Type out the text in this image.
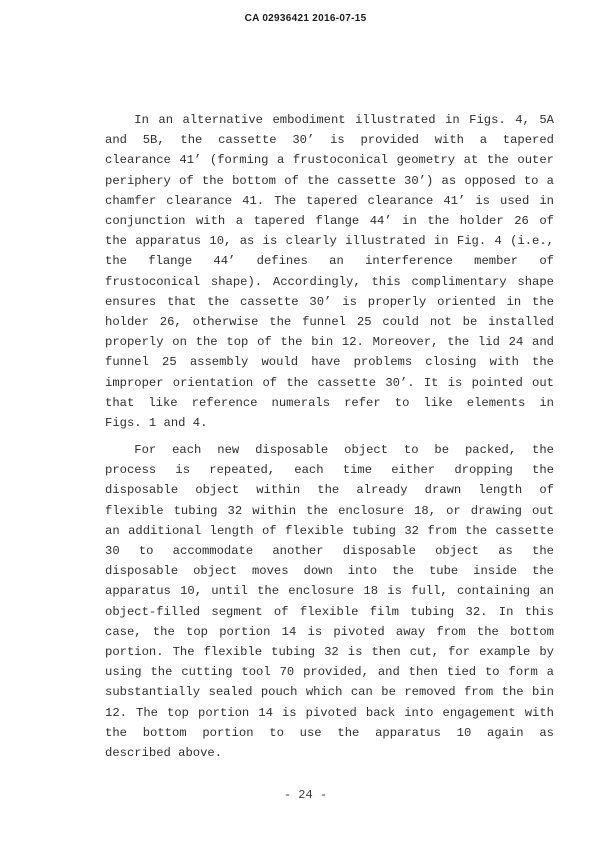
CA 02936421 2016-07-15
In an alternative embodiment illustrated in Figs. 4, 5A
and 5B, the cassette 30’ is provided with a tapered
clearance 41’ (forming a frustoconical geometry at the outer
periphery of the bottom of the cassette 30’) as opposed to a
chamfer clearance 41. The tapered clearance 41’ is used in
conjunction with a tapered flange 44’ in the holder 26 of
the apparatus 10, as is clearly illustrated in Fig. 4 (i.e.,
the flange 44’ defines an interference member of
frustoconical shape). Accordingly, this complimentary shape
ensures that the cassette 30’ is properly oriented in the
holder 26, otherwise the funnel 25 could not be installed
properly on the top of the bin 12. Moreover, the lid 24 and
funnel 25 assembly would have problems closing with the
improper orientation of the cassette 30’. It is pointed out
that like reference numerals refer to like elements in
Figs. 1 and 4.
For each new disposable object to be packed, the
process is repeated, each time either dropping the
disposable object within the already drawn length of
flexible tubing 32 within the enclosure 18, or drawing out
an additional length of flexible tubing 32 from the cassette
30 to accommodate another disposable object as the
disposable object moves down into the tube inside the
apparatus 10, until the enclosure 18 is full, containing an
object-filled segment of flexible film tubing 32. In this
case, the top portion 14 is pivoted away from the bottom
portion. The flexible tubing 32 is then cut, for example by
using the cutting tool 70 provided, and then tied to form a
substantially sealed pouch which can be removed from the bin
12. The top portion 14 is pivoted back into engagement with
the bottom portion to use the apparatus 10 again as
described above.
- 24 -
